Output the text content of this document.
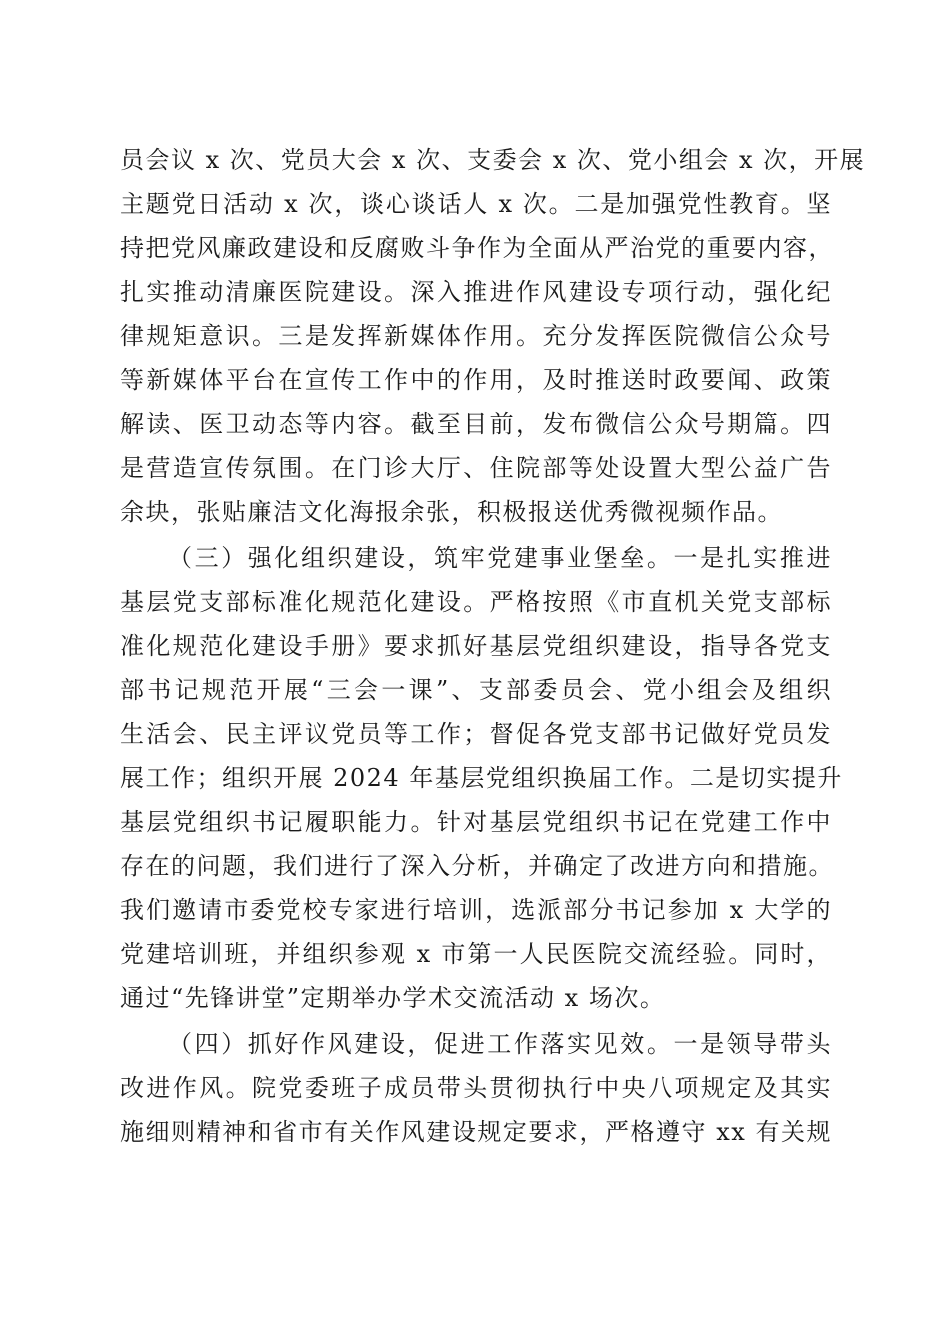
员会议 x 次、党员大会 x 次、支委会 x 次、党小组会 x 次，开展
主题党日活动 x 次，谈心谈话人 x 次。二是加强党性教育。坚
持把党风廉政建设和反腐败斗争作为全面从严治党的重要内容，
扎实推动清廉医院建设。深入推进作风建设专项行动，强化纪
律规矩意识。三是发挥新媒体作用。充分发挥医院微信公众号
等新媒体平台在宣传工作中的作用，及时推送时政要闻、政策
解读、医卫动态等内容。截至目前，发布微信公众号期篇。四
是营造宣传氛围。在门诊大厅、住院部等处设置大型公益广告
余块，张贴廉洁文化海报余张，积极报送优秀微视频作品。
（三）强化组织建设，筑牢党建事业堡垒。一是扎实推进
基层党支部标准化规范化建设。严格按照《市直机关党支部标
准化规范化建设手册》要求抓好基层党组织建设，指导各党支
部书记规范开展“三会一课”、支部委员会、党小组会及组织
生活会、民主评议党员等工作；督促各党支部书记做好党员发
展工作；组织开展 2024 年基层党组织换届工作。二是切实提升
基层党组织书记履职能力。针对基层党组织书记在党建工作中
存在的问题，我们进行了深入分析，并确定了改进方向和措施。
我们邀请市委党校专家进行培训，选派部分书记参加 x 大学的
党建培训班，并组织参观 x 市第一人民医院交流经验。同时，
通过“先锋讲堂”定期举办学术交流活动 x 场次。
（四）抓好作风建设，促进工作落实见效。一是领导带头
改进作风。院党委班子成员带头贯彻执行中央八项规定及其实
施细则精神和省市有关作风建设规定要求，严格遵守 xx 有关规
